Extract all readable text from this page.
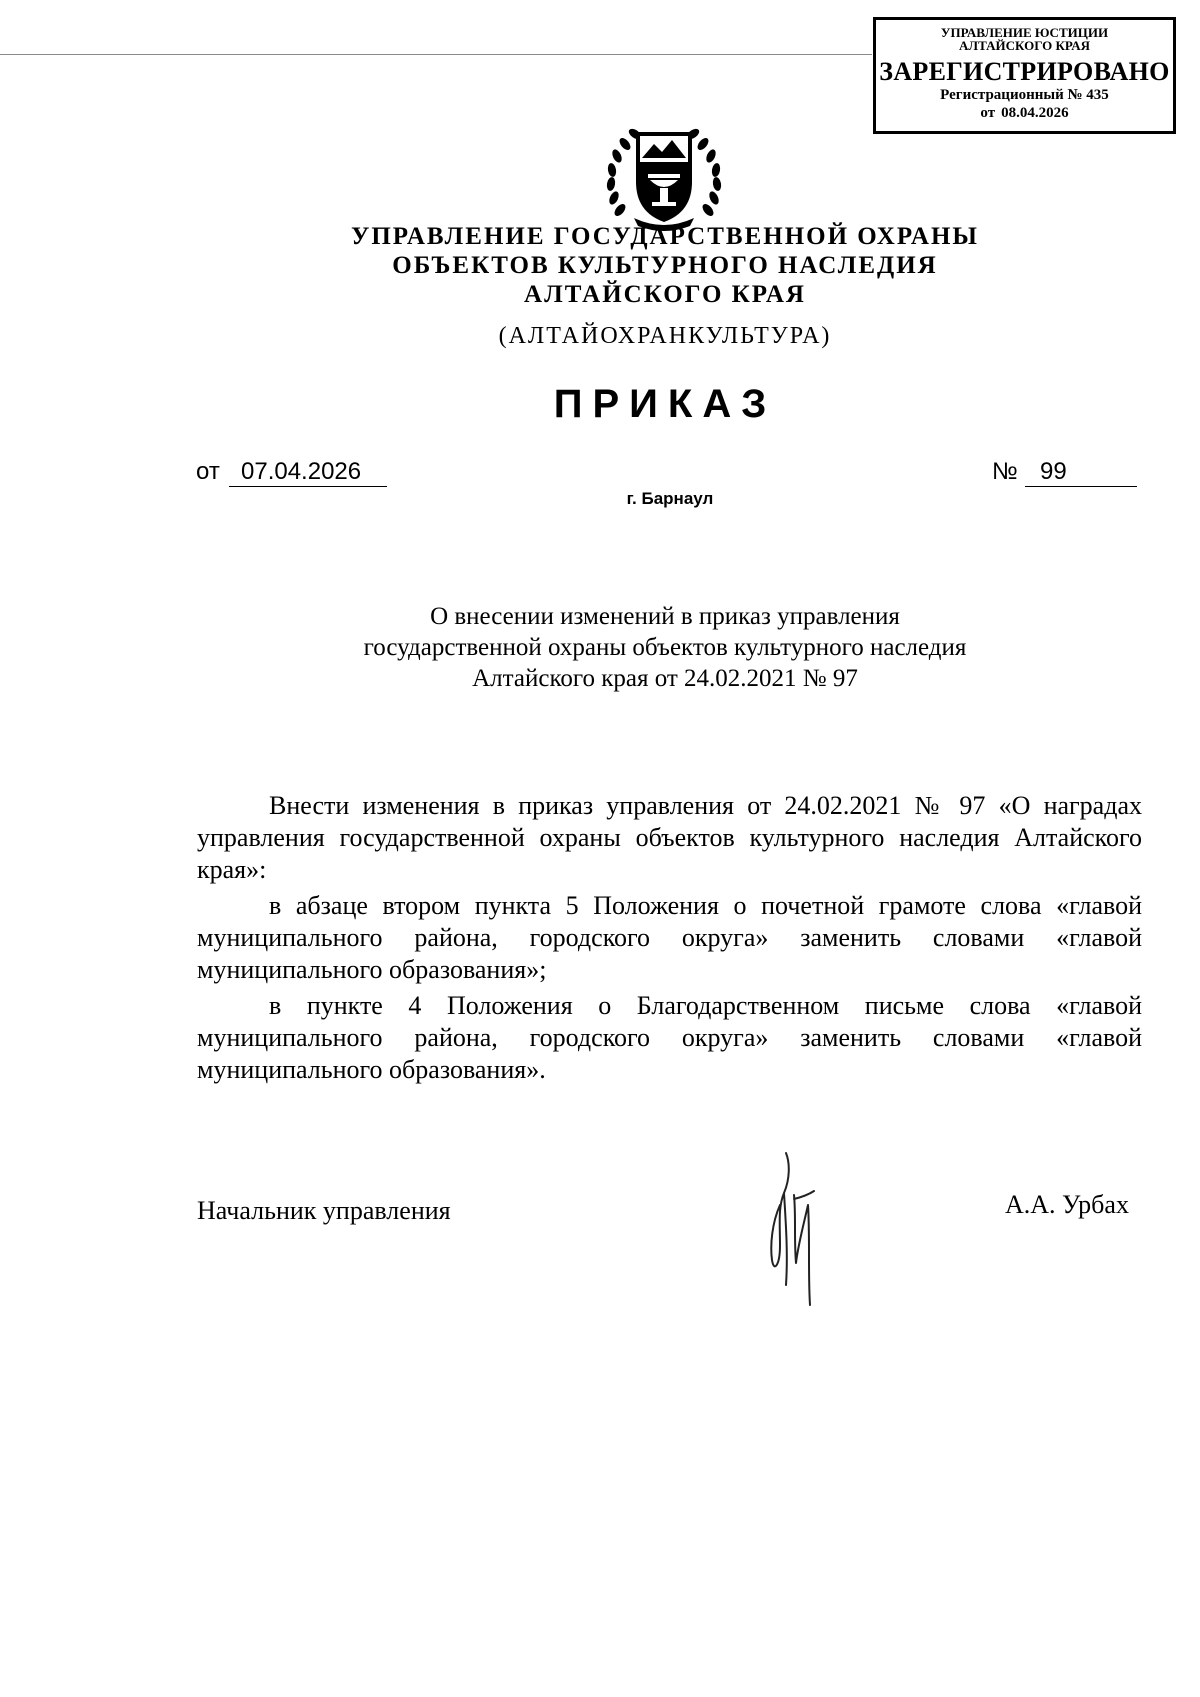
УПРАВЛЕНИЕ ЮСТИЦИИ
АЛТАЙСКОГО КРАЯ
ЗАРЕГИСТРИРОВАНО
Регистрационный № 435
от 08.04.2026
УПРАВЛЕНИЕ ГОСУДАРСТВЕННОЙ ОХРАНЫ
ОБЪЕКТОВ КУЛЬТУРНОГО НАСЛЕДИЯ
АЛТАЙСКОГО КРАЯ
(АЛТАЙОХРАНКУЛЬТУРА)
ПРИКАЗ
от 07.04.2026	№ 99
г. Барнаул
О внесении изменений в приказ управления
государственной охраны объектов культурного наследия
Алтайского края от 24.02.2021 № 97

Внести изменения в приказ управления от 24.02.2021 № 97 «О наградах управления государственной охраны объектов культурного наследия Алтайского края»:

в абзаце втором пункта 5 Положения о почетной грамоте слова «главой муниципального района, городского округа» заменить словами «главой муниципального образования»;

в пункте 4 Положения о Благодарственном письме слова «главой муниципального района, городского округа» заменить словами «главой муниципального образования».

Начальник управления	А.А. Урбах
